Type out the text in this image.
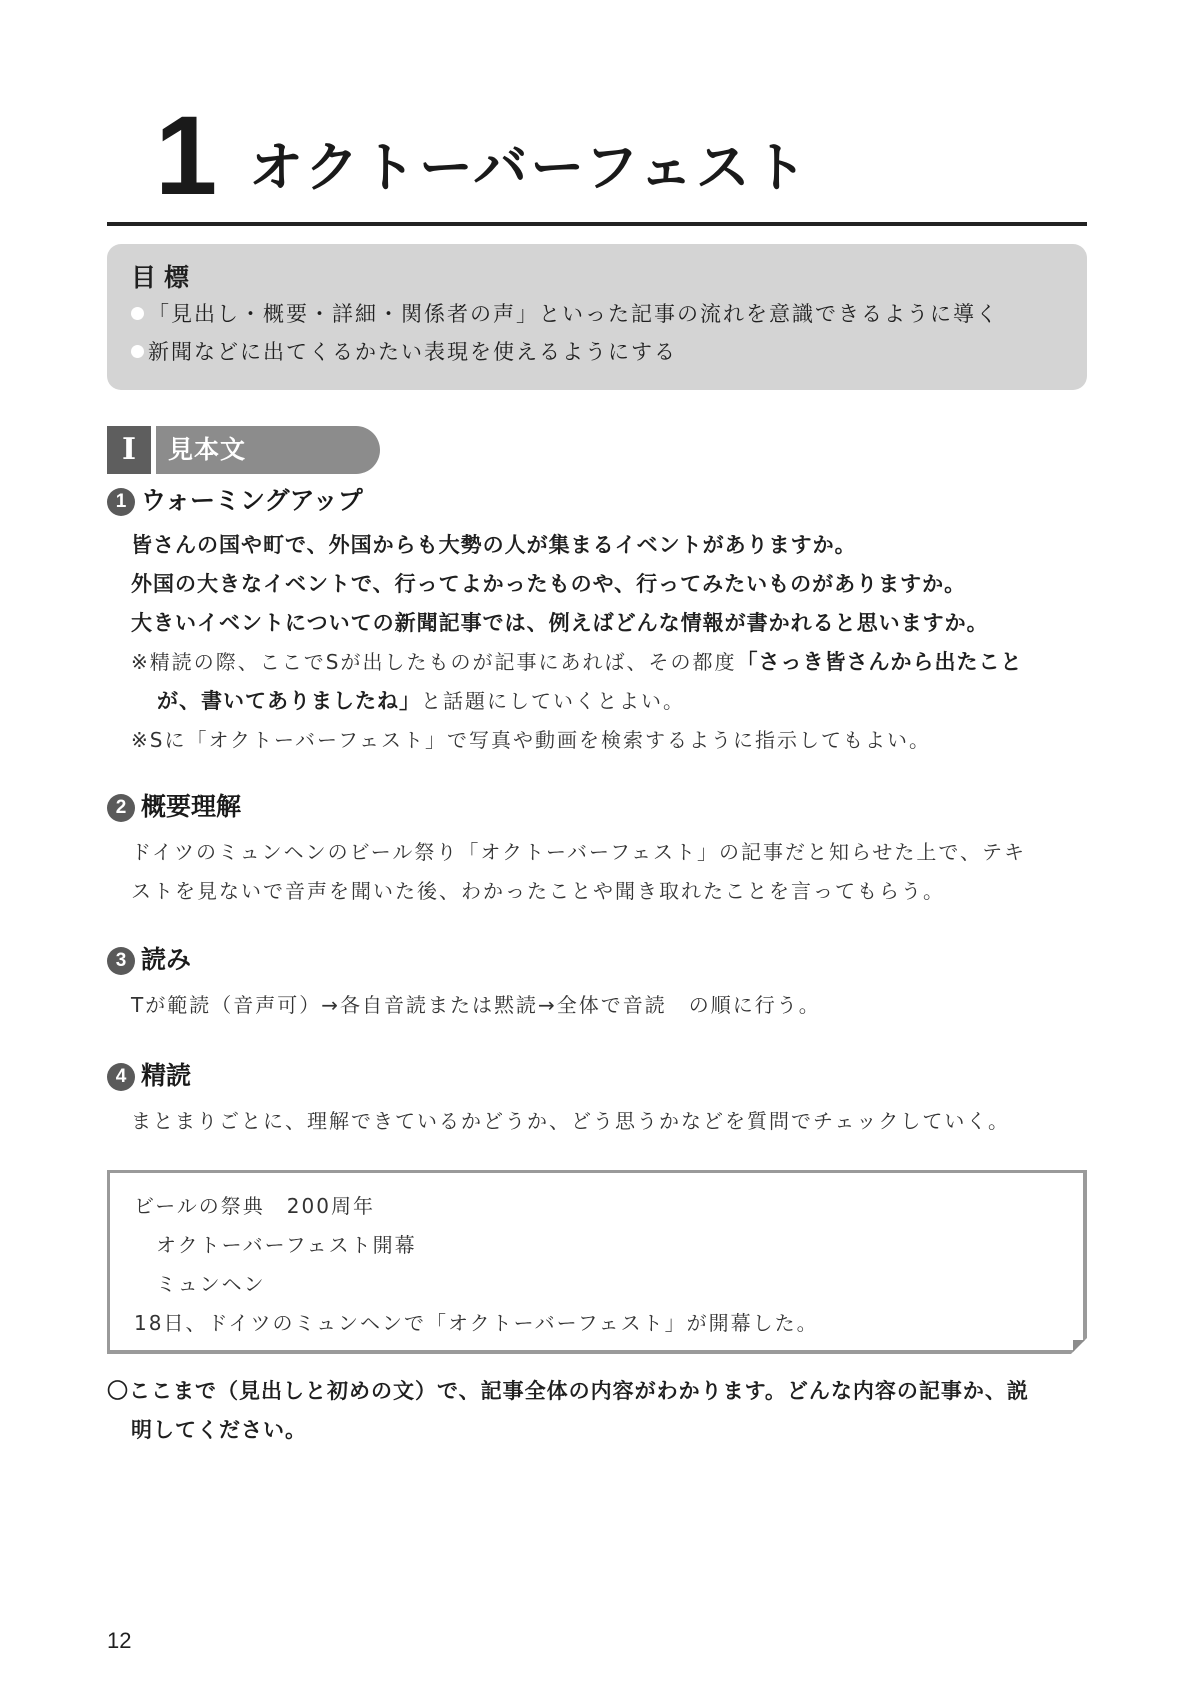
1 オクトーバーフェスト
目標
「見出し・概要・詳細・関係者の声」といった記事の流れを意識できるように導く
新聞などに出てくるかたい表現を使えるようにする
I	見本文
1 ウォーミングアップ
皆さんの国や町で、外国からも大勢の人が集まるイベントがありますか。
外国の大きなイベントで、行ってよかったものや、行ってみたいものがありますか。
大きいイベントについての新聞記事では、例えばどんな情報が書かれると思いますか。
※精読の際、ここでSが出したものが記事にあれば、その都度「さっき皆さんから出たこと
が、書いてありましたね」と話題にしていくとよい。
※Sに「オクトーバーフェスト」で写真や動画を検索するように指示してもよい。
2 概要理解
ドイツのミュンヘンのビール祭り「オクトーバーフェスト」の記事だと知らせた上で、テキ
ストを見ないで音声を聞いた後、わかったことや聞き取れたことを言ってもらう。
3 読み
Tが範読（音声可）→各自音読または黙読→全体で音読　の順に行う。
4 精読
まとまりごとに、理解できているかどうか、どう思うかなどを質問でチェックしていく。
ビールの祭典　200周年
　オクトーバーフェスト開幕
　ミュンヘン
18日、ドイツのミュンヘンで「オクトーバーフェスト」が開幕した。
〇ここまで（見出しと初めの文）で、記事全体の内容がわかります。どんな内容の記事か、説
明してください。
12
